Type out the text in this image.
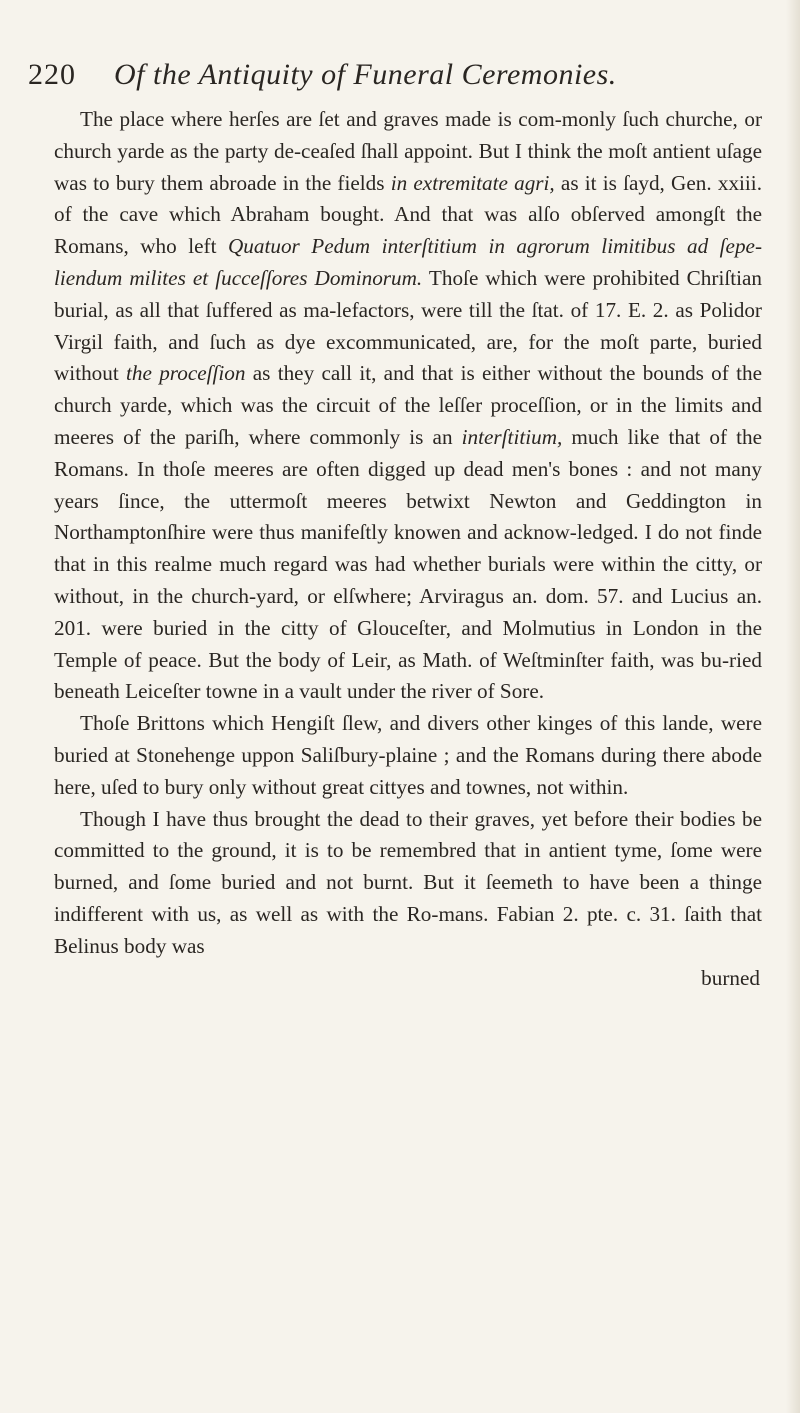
220 Of the Antiquity of Funeral Ceremonies.

The place where herſes are ſet and graves made is com-monly ſuch churche, or church yarde as the party de-ceaſed ſhall appoint. But I think the moſt antient uſage was to bury them abroade in the fields in extremitate agri, as it is ſayd, Gen. xxiii. of the cave which Abraham bought. And that was alſo obſerved amongſt the Romans, who left Quatuor Pedum interſtitium in agrorum limitibus ad ſepe-liendum milites et ſucceſſores Dominorum. Thoſe which were prohibited Chriſtian burial, as all that ſuffered as ma-lefactors, were till the ſtat. of 17. E. 2. as Polidor Virgil faith, and ſuch as dye excommunicated, are, for the moſt parte, buried without the proceſſion as they call it, and that is either without the bounds of the church yarde, which was the circuit of the leſſer proceſſion, or in the limits and meeres of the pariſh, where commonly is an interſtitium, much like that of the Romans. In thoſe meeres are often digged up dead men's bones : and not many years ſince, the uttermoſt meeres betwixt Newton and Geddington in Northamptonſhire were thus manifeſtly knowen and acknow-ledged. I do not finde that in this realme much regard was had whether burials were within the citty, or without, in the church-yard, or elſwhere; Arviragus an. dom. 57. and Lucius an. 201. were buried in the citty of Glouceſter, and Molmutius in London in the Temple of peace. But the body of Leir, as Math. of Weſtminſter faith, was bu-ried beneath Leiceſter towne in a vault under the river of Sore.

Thoſe Brittons which Hengiſt ſlew, and divers other kinges of this lande, were buried at Stonehenge uppon Saliſbury-plaine ; and the Romans during there abode here, uſed to bury only without great cittyes and townes, not within.

Though I have thus brought the dead to their graves, yet before their bodies be committed to the ground, it is to be remembred that in antient tyme, ſome were burned, and ſome buried and not burnt. But it ſeemeth to have been a thinge indifferent with us, as well as with the Ro-mans. Fabian 2. pte. c. 31. ſaith that Belinus body was

burned
